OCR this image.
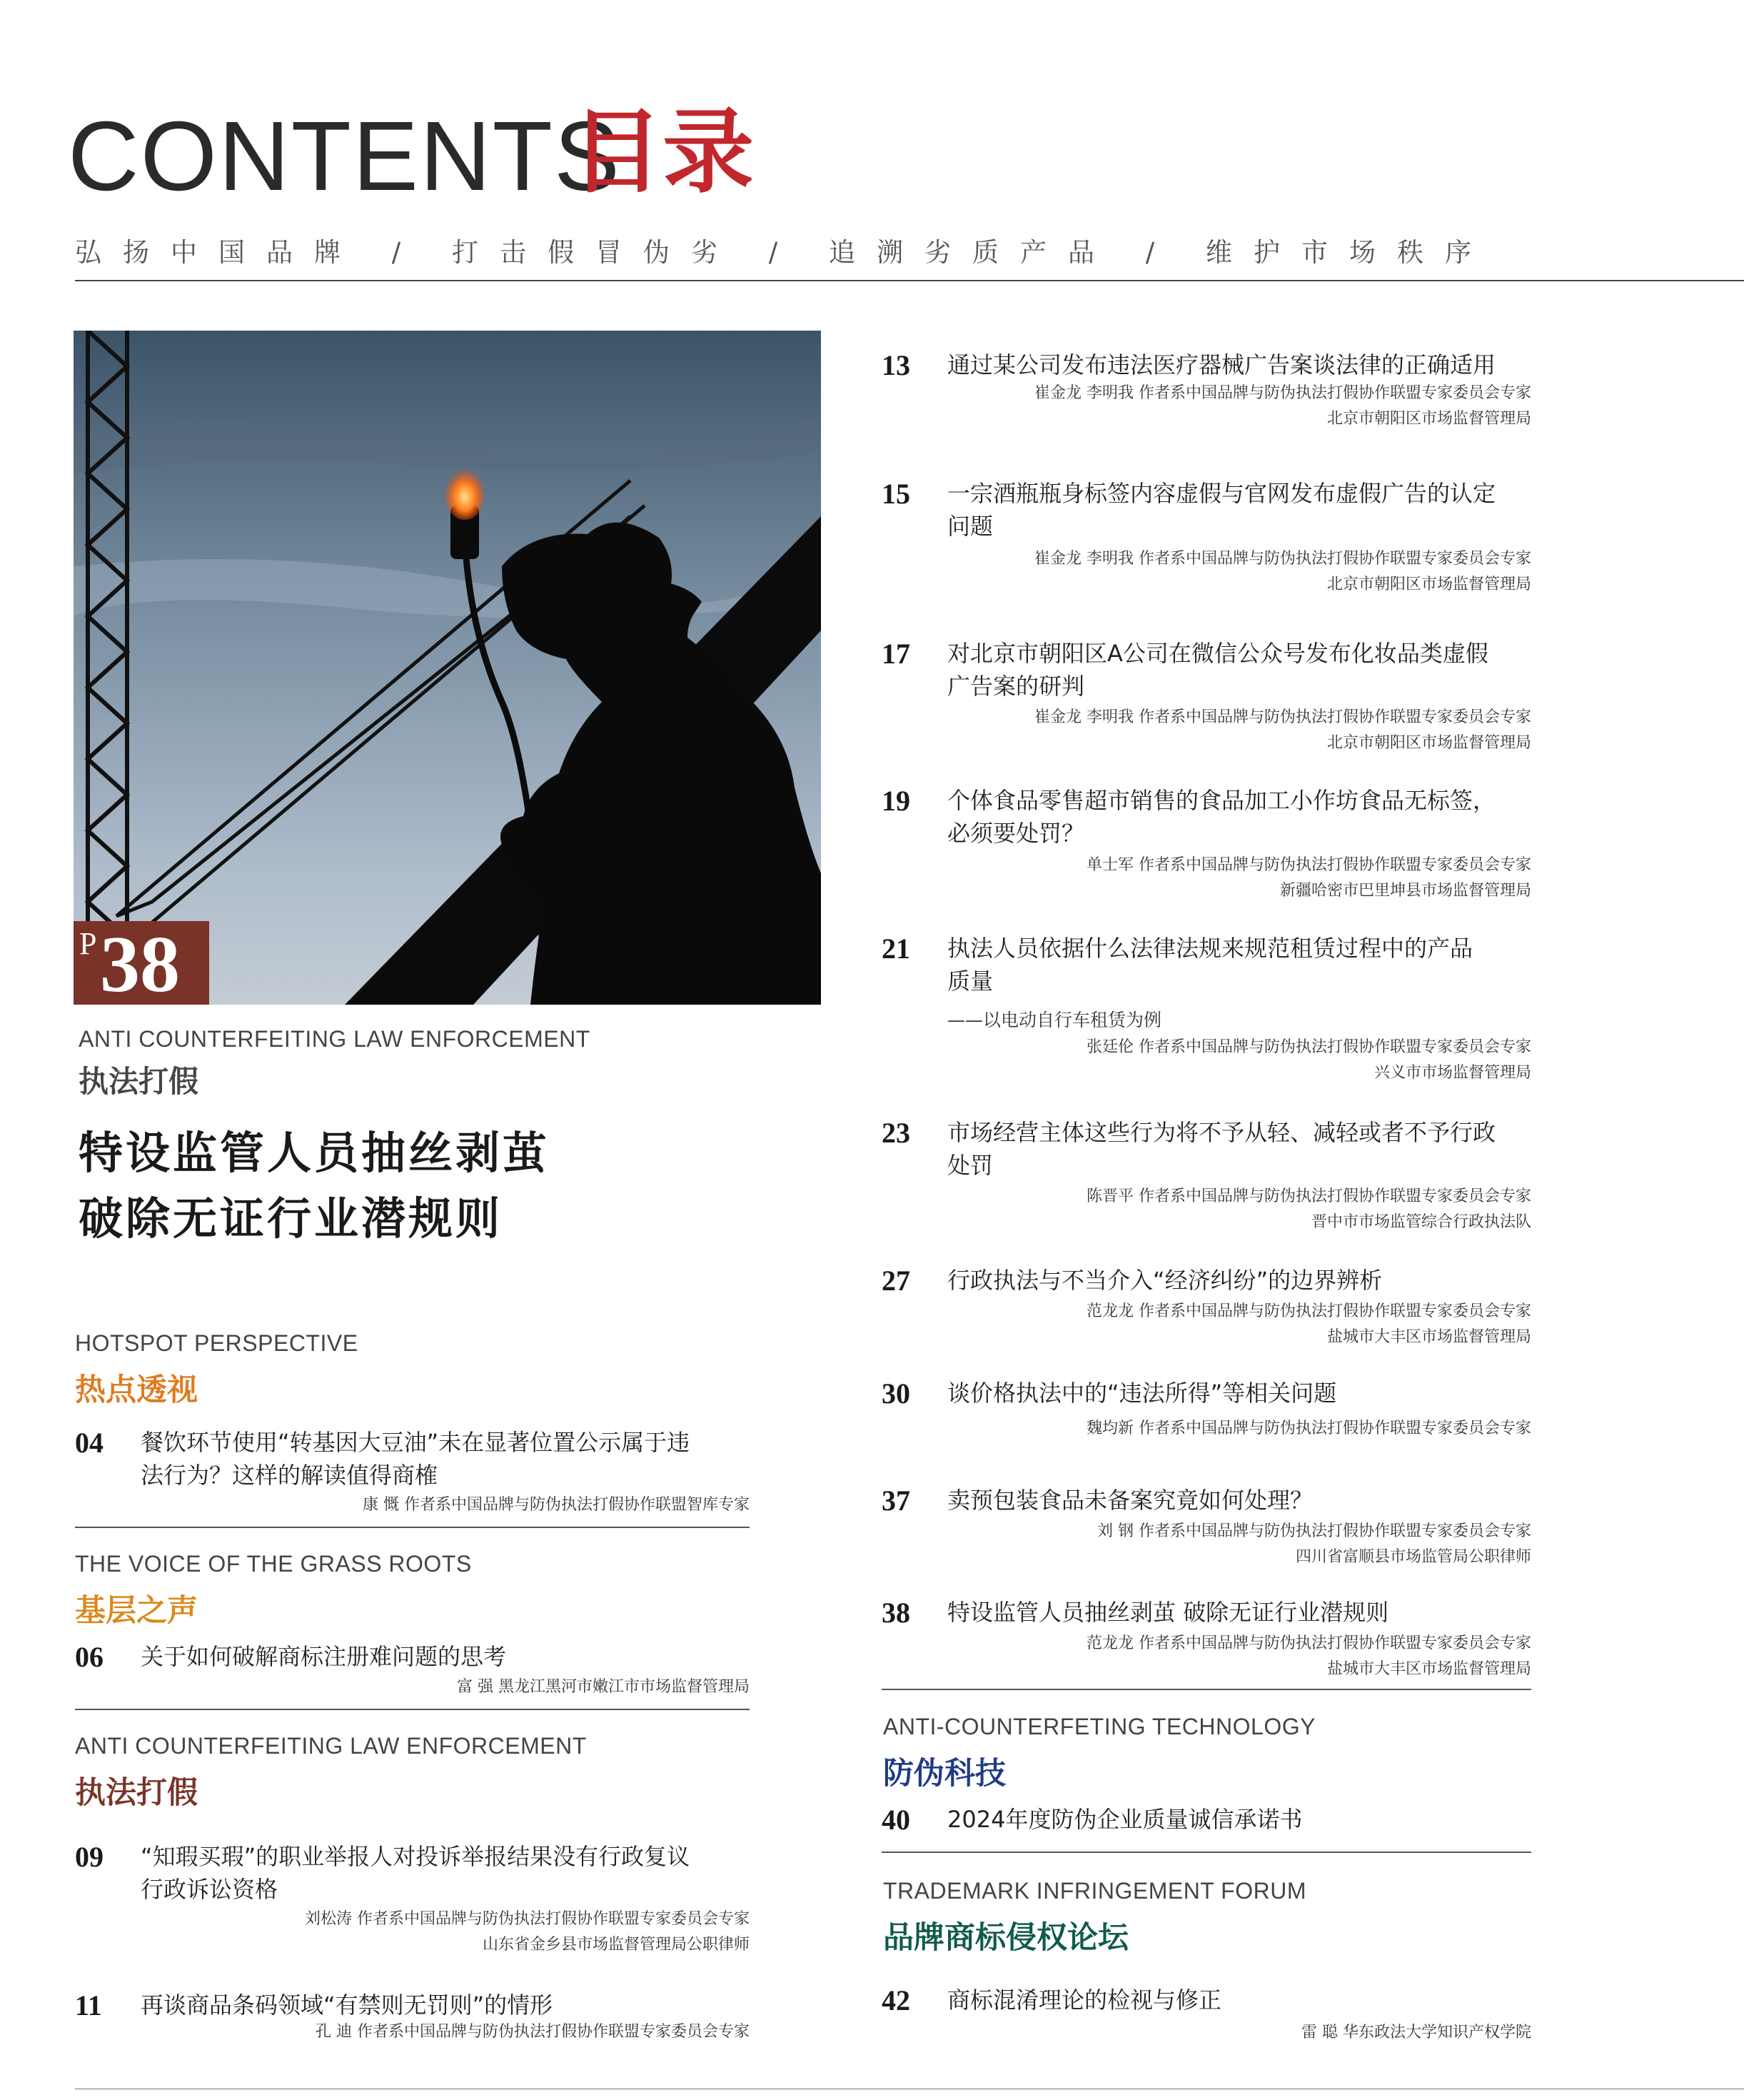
CONTENTS
目录
弘扬中国品牌 / 打击假冒伪劣 / 追溯劣质产品 / 维护市场秩序
P 38
ANTI COUNTERFEITING LAW ENFORCEMENT
执法打假
特设监管人员抽丝剥茧
破除无证行业潜规则
HOTSPOT PERSPECTIVE
热点透视
04 餐饮环节使用“转基因大豆油”未在显著位置公示属于违
法行为？这样的解读值得商榷
康 慨 作者系中国品牌与防伪执法打假协作联盟智库专家
THE VOICE OF THE GRASS ROOTS
基层之声
06 关于如何破解商标注册难问题的思考
富 强 黑龙江黑河市嫩江市市场监督管理局
ANTI COUNTERFEITING LAW ENFORCEMENT
执法打假
09 “知瑕买瑕”的职业举报人对投诉举报结果没有行政复议
行政诉讼资格
刘松涛 作者系中国品牌与防伪执法打假协作联盟专家委员会专家
山东省金乡县市场监督管理局公职律师
11 再谈商品条码领域“有禁则无罚则”的情形
孔 迪 作者系中国品牌与防伪执法打假协作联盟专家委员会专家
13 通过某公司发布违法医疗器械广告案谈法律的正确适用
崔金龙 李明我 作者系中国品牌与防伪执法打假协作联盟专家委员会专家
北京市朝阳区市场监督管理局
15 一宗酒瓶瓶身标签内容虚假与官网发布虚假广告的认定
问题
崔金龙 李明我 作者系中国品牌与防伪执法打假协作联盟专家委员会专家
北京市朝阳区市场监督管理局
17 对北京市朝阳区A公司在微信公众号发布化妆品类虚假
广告案的研判
崔金龙 李明我 作者系中国品牌与防伪执法打假协作联盟专家委员会专家
北京市朝阳区市场监督管理局
19 个体食品零售超市销售的食品加工小作坊食品无标签，
必须要处罚？
单士军 作者系中国品牌与防伪执法打假协作联盟专家委员会专家
新疆哈密市巴里坤县市场监督管理局
21 执法人员依据什么法律法规来规范租赁过程中的产品
质量
——以电动自行车租赁为例
张廷伦 作者系中国品牌与防伪执法打假协作联盟专家委员会专家
兴义市市场监督管理局
23 市场经营主体这些行为将不予从轻、减轻或者不予行政
处罚
陈晋平 作者系中国品牌与防伪执法打假协作联盟专家委员会专家
晋中市市场监管综合行政执法队
27 行政执法与不当介入“经济纠纷”的边界辨析
范龙龙 作者系中国品牌与防伪执法打假协作联盟专家委员会专家
盐城市大丰区市场监督管理局
30 谈价格执法中的“违法所得”等相关问题
魏均新 作者系中国品牌与防伪执法打假协作联盟专家委员会专家
37 卖预包装食品未备案究竟如何处理？
刘 钢 作者系中国品牌与防伪执法打假协作联盟专家委员会专家
四川省富顺县市场监管局公职律师
38 特设监管人员抽丝剥茧 破除无证行业潜规则
范龙龙 作者系中国品牌与防伪执法打假协作联盟专家委员会专家
盐城市大丰区市场监督管理局
ANTI-COUNTERFETING TECHNOLOGY
防伪科技
40 2024年度防伪企业质量诚信承诺书
TRADEMARK INFRINGEMENT FORUM
品牌商标侵权论坛
42 商标混淆理论的检视与修正
雷 聪 华东政法大学知识产权学院
